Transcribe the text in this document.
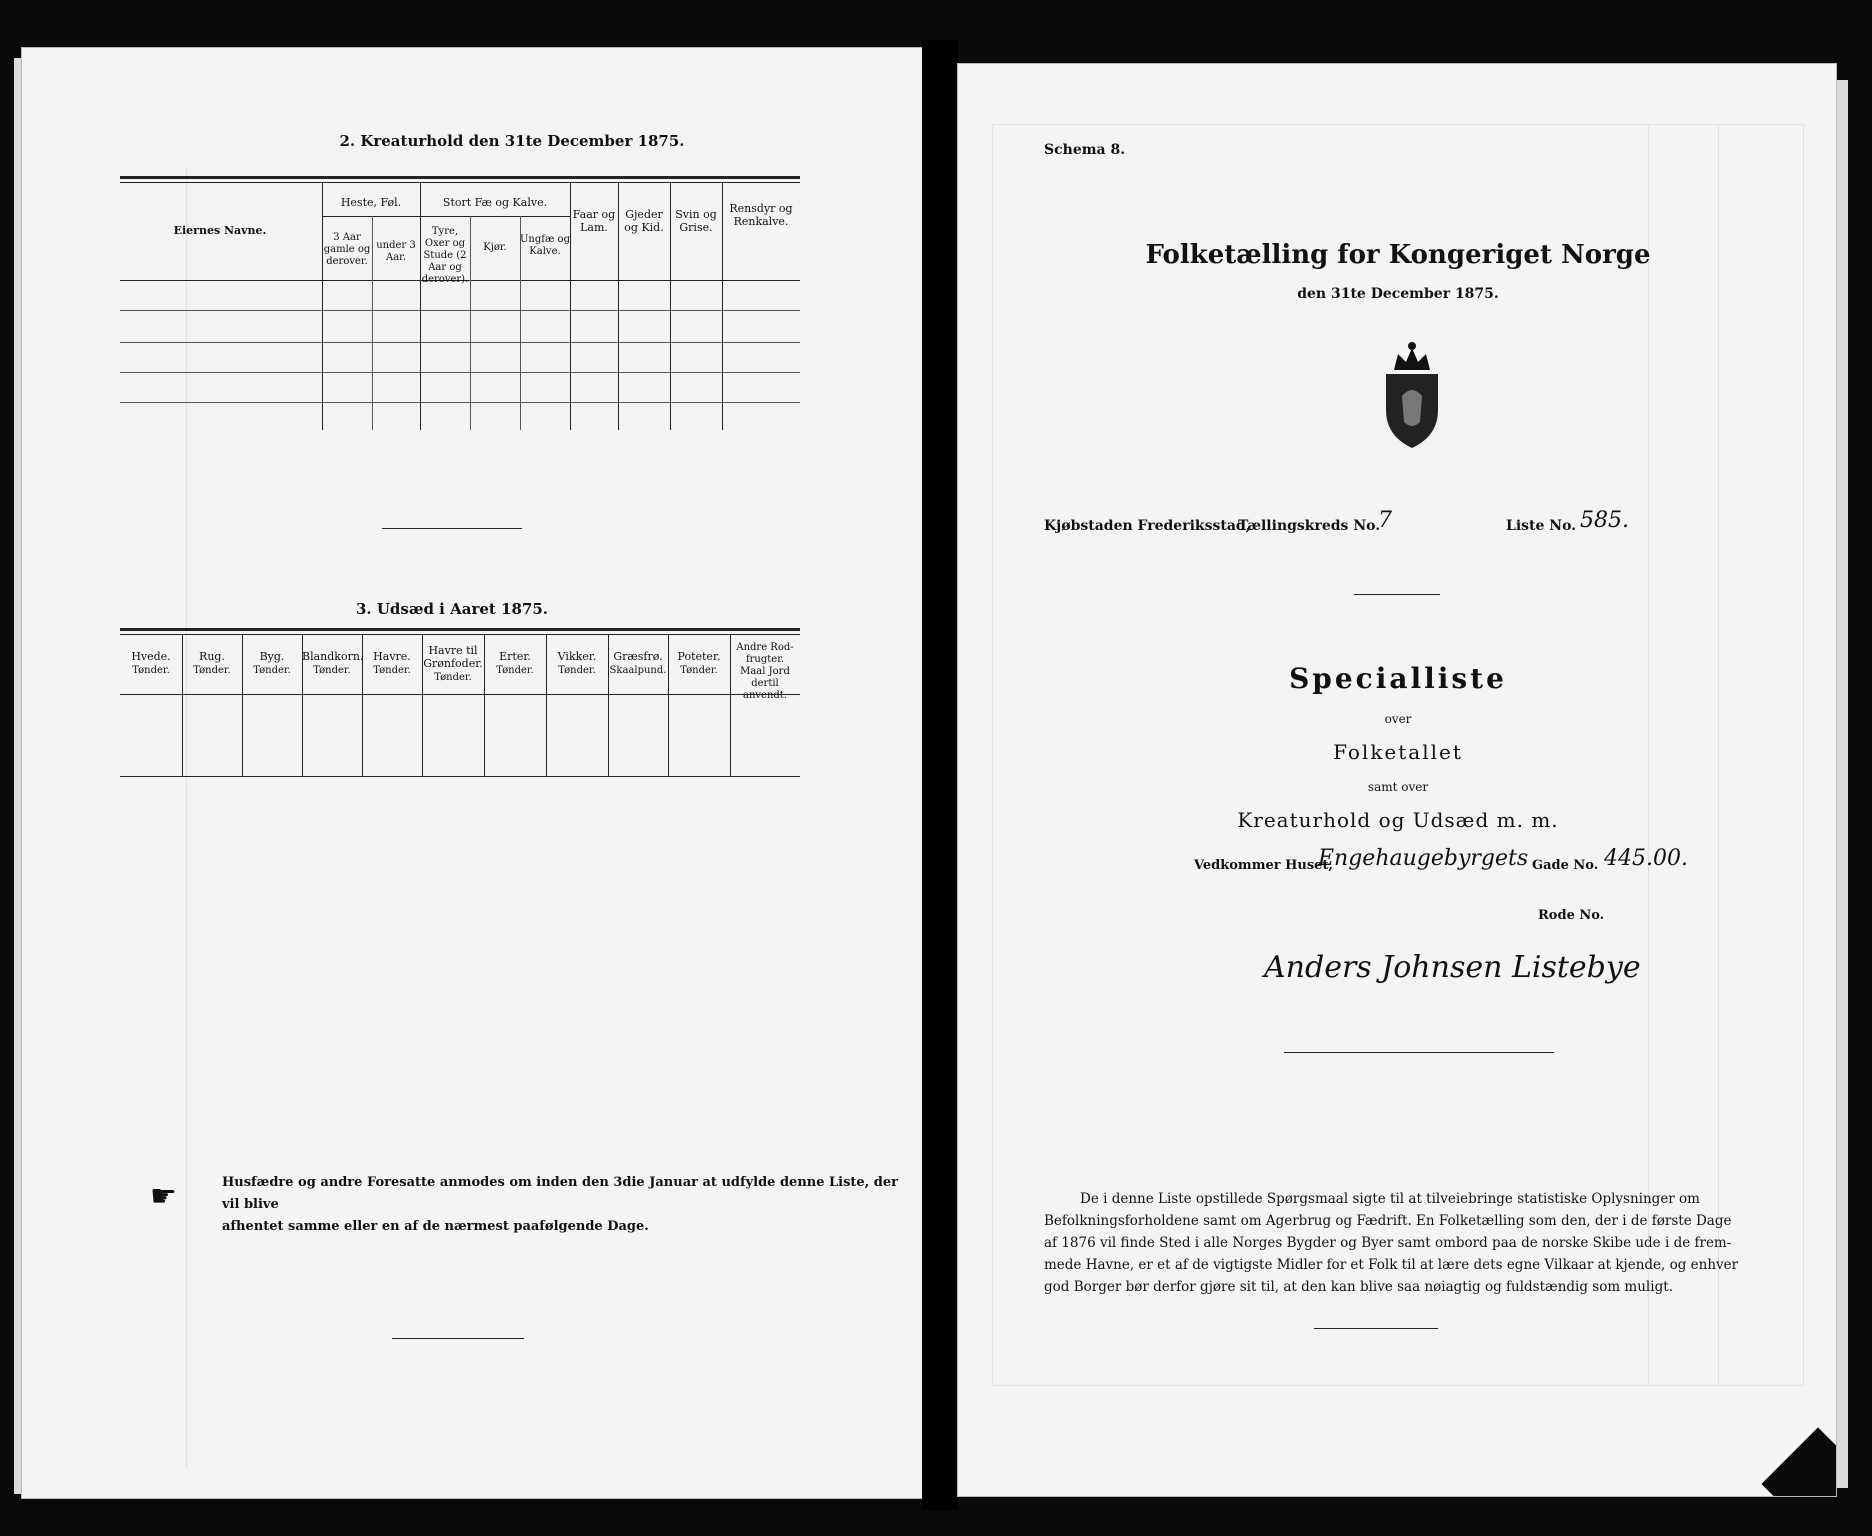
2. Kreaturhold den 31te December 1875.
Eiernes Navne.
Heste, Føl.
3 Aar gamle og derover.
under 3 Aar.
Stort Fæ og Kalve.
Tyre, Oxer og Stude (2 Aar og derover).
Kjør.
Ungfæ og Kalve.
Faar og Lam.
Gjeder og Kid.
Svin og Grise.
Rensdyr og Renkalve.
3. Udsæd i Aaret 1875.
Hvede.
Tønder.
Rug.
Tønder.
Byg.
Tønder.
Blandkorn.
Tønder.
Havre.
Tønder.
Havre til Grønfoder.
Tønder.
Erter.
Tønder.
Vikker.
Tønder.
Græsfrø.
Skaalpund.
Poteter.
Tønder.
Andre Rod-frugter.
Maal Jord dertil anvendt.
☛	Husfædre og andre Foresatte anmodes om inden den 3die Januar at udfylde denne Liste, der vil blive
afhentet samme eller en af de nærmest paafølgende Dage.
Schema 8.
Folketælling for Kongeriget Norge
den 31te December 1875.
Kjøbstaden Frederiksstad,
Tællingskreds No.
7	Liste No. 585.
Specialliste
over
Folketallet
samt over
Kreaturhold og Udsæd m. m.
Vedkommer Huset,
Engehaugebyrgets Gade No. 445.00.
Rode No.
Anders Johnsen Listebye
De i denne Liste opstillede Spørgsmaal sigte til at tilveiebringe statistiske Oplysninger om
Befolkningsforholdene samt om Agerbrug og Fædrift. En Folketælling som den, der i de første Dage
af 1876 vil finde Sted i alle Norges Bygder og Byer samt ombord paa de norske Skibe ude i de frem-
mede Havne, er et af de vigtigste Midler for et Folk til at lære dets egne Vilkaar at kjende, og enhver
god Borger bør derfor gjøre sit til, at den kan blive saa nøiagtig og fuldstændig som muligt.
